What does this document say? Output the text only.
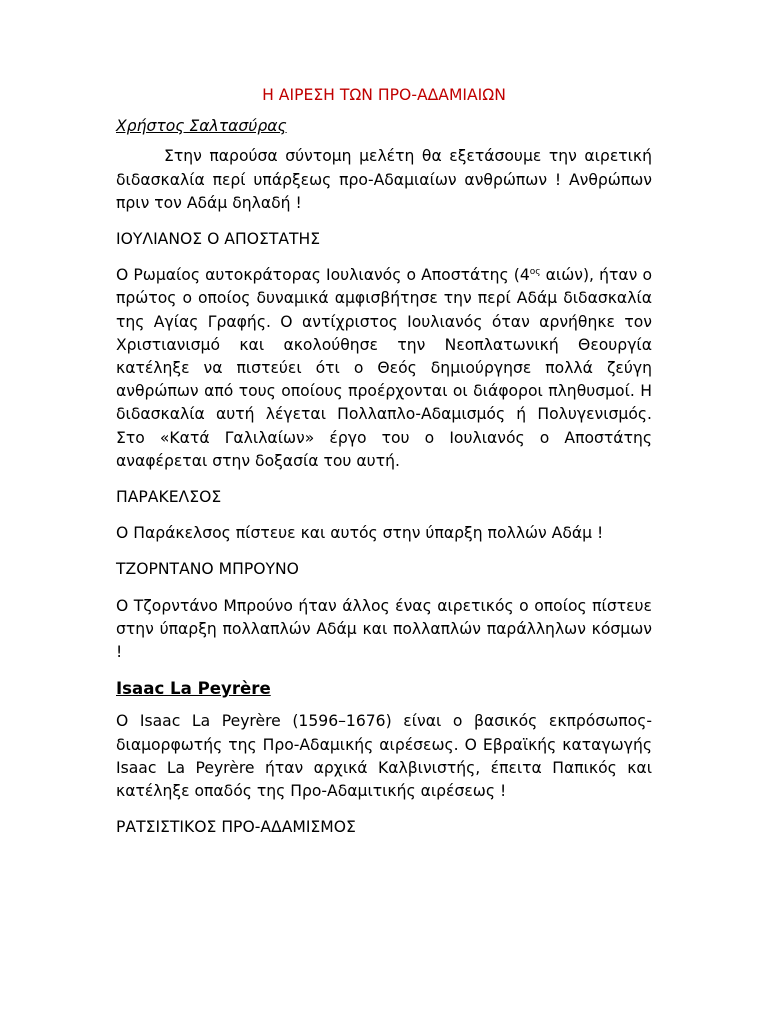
Η ΑΙΡΕΣΗ ΤΩΝ ΠΡΟ-ΑΔΑΜΙΑΙΩΝ

Χρήστος Σαλτασύρας

Στην παρούσα σύντομη μελέτη θα εξετάσουμε την αιρετική διδασκαλία περί υπάρξεως προ-Αδαμιαίων ανθρώπων ! Ανθρώπων πριν τον Αδάμ δηλαδή !

ΙΟΥΛΙΑΝΟΣ Ο ΑΠΟΣΤΑΤΗΣ

Ο Ρωμαίος αυτοκράτορας Ιουλιανός ο Αποστάτης ($4^{o\varsigma}$ αιών), ήταν ο πρώτος ο οποίος δυναμικά αμφισβήτησε την περί Αδάμ διδασκαλία της Αγίας Γραφής. Ο αντίχριστος Ιουλιανός όταν αρνήθηκε τον Χριστιανισμό και ακολούθησε την Νεοπλατωνική Θεουργία κατέληξε να πιστεύει ότι ο Θεός δημιούργησε πολλά ζεύγη ανθρώπων από τους οποίους προέρχονται οι διάφοροι πληθυσμοί. Η διδασκαλία αυτή λέγεται Πολλαπλο-Αδαμισμός ή Πολυγενισμός. Στο «Κατά Γαλιλαίων» έργο του ο Ιουλιανός ο Αποστάτης αναφέρεται στην δοξασία του αυτή.

ΠΑΡΑΚΕΛΣΟΣ

Ο Παράκελσος πίστευε και αυτός στην ύπαρξη πολλών Αδάμ !

ΤΖΟΡΝΤΑΝΟ ΜΠΡΟΥΝΟ

Ο Τζορντάνο Μπρούνο ήταν άλλος ένας αιρετικός ο οποίος πίστευε στην ύπαρξη πολλαπλών Αδάμ και πολλαπλών παράλληλων κόσμων !

Isaac La Peyrère

Ο Isaac La Peyrère (1596–1676) είναι ο βασικός εκπρόσωπος- διαμορφωτής της Προ-Αδαμικής αιρέσεως. Ο Εβραϊκής καταγωγής Isaac La Peyrère ήταν αρχικά Καλβινιστής, έπειτα Παπικός και κατέληξε οπαδός της Προ-Αδαμιτικής αιρέσεως !

ΡΑΤΣΙΣΤΙΚΟΣ ΠΡΟ-ΑΔΑΜΙΣΜΟΣ
